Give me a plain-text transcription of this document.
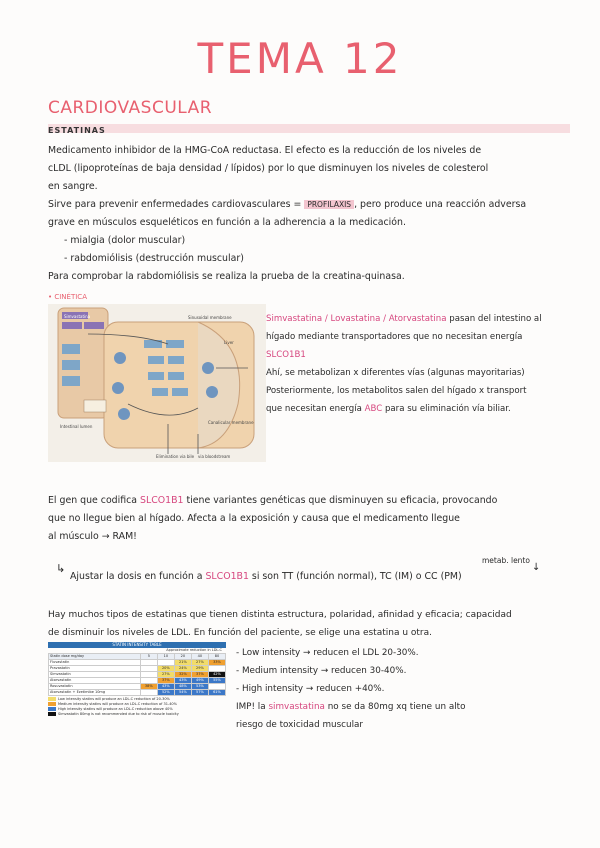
TEMA 12
CARDIOVASCULAR
ESTATINAS
Medicamento inhibidor de la HMG-CoA reductasa. El efecto es la reducción de los niveles de
cLDL (lipoproteínas de baja densidad / lípidos) por lo que disminuyen los niveles de colesterol
en sangre.
Sirve para prevenir enfermedades cardiovasculares = PROFILAXIS , pero produce una reacción adversa
grave en músculos esqueléticos en función a la adherencia a la medicación.
- mialgia (dolor muscular)
- rabdomiólisis (destrucción muscular)
Para comprobar la rabdomiólisis se realiza la prueba de la creatina-quinasa.
• CINÉTICA
Simvastatina	Sinusoidal membrane
Liver
Intestinal lumen
Elimination via bile via bloodstream
Canalicular membrane
Simvastatina / Lovastatina / Atorvastatina pasan del intestino al
hígado mediante transportadores que no necesitan energía
SLCO1B1
Ahí, se metabolizan x diferentes vías (algunas mayoritarias)
Posteriormente, los metabolitos salen del hígado x transport
que necesitan energía ABC para su eliminación vía biliar.
El gen que codifica SLCO1B1 tiene variantes genéticas que disminuyen su eficacia, provocando
que no llegue bien al hígado. Afecta a la exposición y causa que el medicamento llegue
al músculo → RAM!
metab. lento
↓
↳
Ajustar la dosis en función a SLCO1B1 si son TT (función normal), TC (IM) o CC (PM)
Hay muchos tipos de estatinas que tienen distinta estructura, polaridad, afinidad y eficacia; capacidad
de disminuir los niveles de LDL. En función del paciente, se elige una estatina u otra.
STATIN INTENSITY TABLE
Approximate reduction in LDL-C
Statin dose mg/day	5	10	20	40	80
Fluvastatin			21%	27%	33%
Pravastatin		20%	24%	29%	
Simvastatin		27%	32%	37%	42%
Atorvastatin		37%	43%	49%	55%
Rosuvastatin	38%	43%	48%	53%	
Atorvastatin + Ezetimibe 10mg		52%	54%	57%	61%
Low intensity statins will produce an LDL-C reduction of 20-30%
Medium intensity statins will produce an LDL-C reduction of 31-40%
High intensity statins will produce an LDL-C reduction above 40%
Simvastatin 80mg is not recommended due to risk of muscle toxicity
- Low intensity → reducen el LDL 20-30%.
- Medium intensity → reducen 30-40%.
- High intensity → reducen +40%.
IMP! la simvastatina no se da 80mg xq tiene un alto
riesgo de toxicidad muscular
